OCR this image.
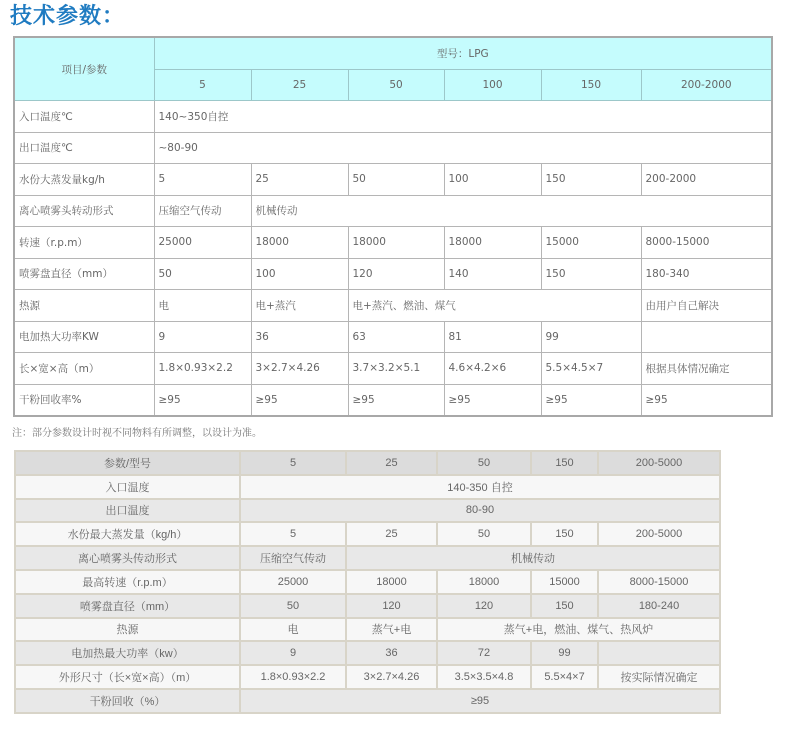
技术参数：
项目/参数	型号：LPG					
	5	25	50	100	150	200-2000
入口温度℃	140~350自控					
出口温度℃	~80-90					
水份大蒸发量kg/h	5	25	50	100	150	200-2000
离心喷雾头转动形式	压缩空气传动	机械传动				
转速（r.p.m）	25000	18000	18000	18000	15000	8000-15000
喷雾盘直径（mm）	50	100	120	140	150	180-340
热源	电	电+蒸汽	电+蒸汽、燃油、煤气			由用户自己解决
电加热大功率KW	9	36	63	81	99	
长×宽×高（m）	1.8×0.93×2.2	3×2.7×4.26	3.7×3.2×5.1	4.6×4.2×6	5.5×4.5×7	根据具体情况确定
干粉回收率%	≥95	≥95	≥95	≥95	≥95	≥95
注：部分参数设计时视不同物料有所调整，以设计为准。
参数/型号	5	25	50	150	200-5000
入口温度	140-350 自控				
出口温度	80-90				
水份最大蒸发量（kg/h）	5	25	50	150	200-5000
离心喷雾头传动形式	压缩空气传动	机械传动			
最高转速（r.p.m）	25000	18000	18000	15000	8000-15000
喷雾盘直径（mm）	50	120	120	150	180-240
热源	电	蒸气+电	蒸气+电，燃油、煤气、热风炉		
电加热最大功率（kw）	9	36	72	99	
外形尺寸（长×宽×高）（m）	1.8×0.93×2.2	3×2.7×4.26	3.5×3.5×4.8	5.5×4×7	按实际情况确定
干粉回收（%）	≥95				
